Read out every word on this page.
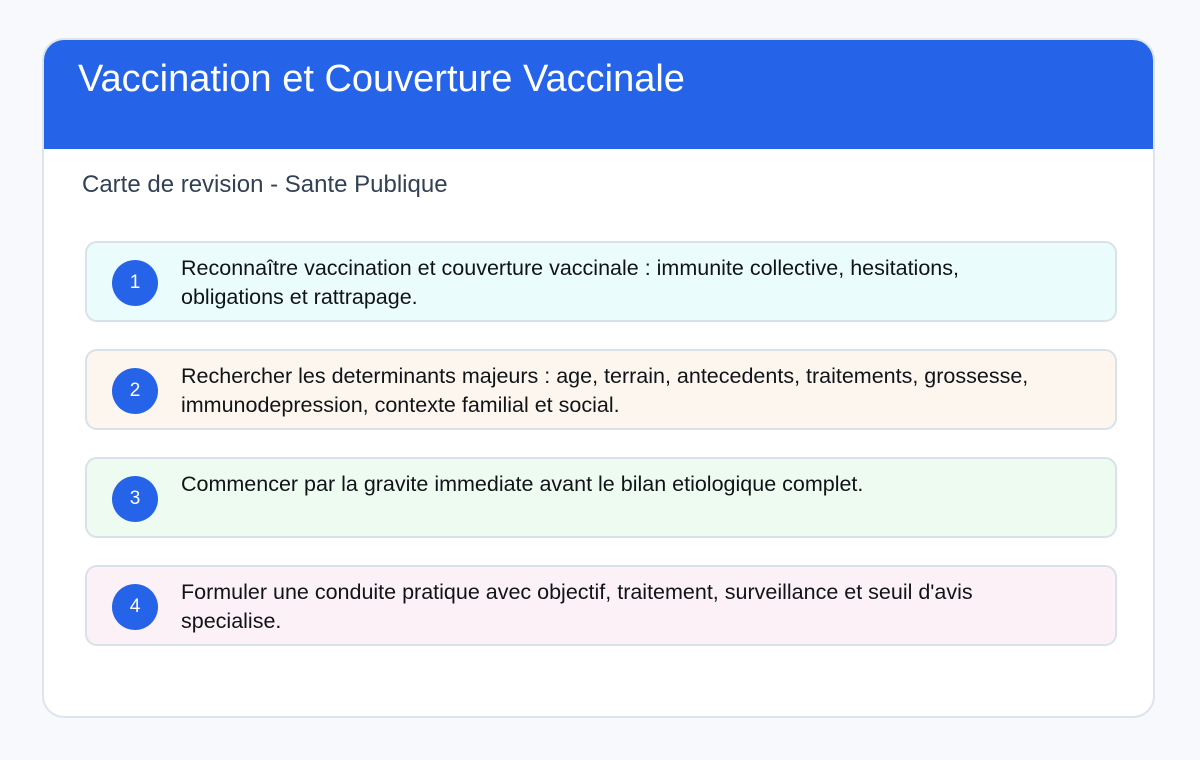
Vaccination et Couverture Vaccinale

Carte de revision - Sante Publique

1
Reconnaître vaccination et couverture vaccinale : immunite collective, hesitations, obligations et rattrapage.
2
Rechercher les determinants majeurs : age, terrain, antecedents, traitements, grossesse, immunodepression, contexte familial et social.
3
Commencer par la gravite immediate avant le bilan etiologique complet.
4
Formuler une conduite pratique avec objectif, traitement, surveillance et seuil d'avis specialise.
